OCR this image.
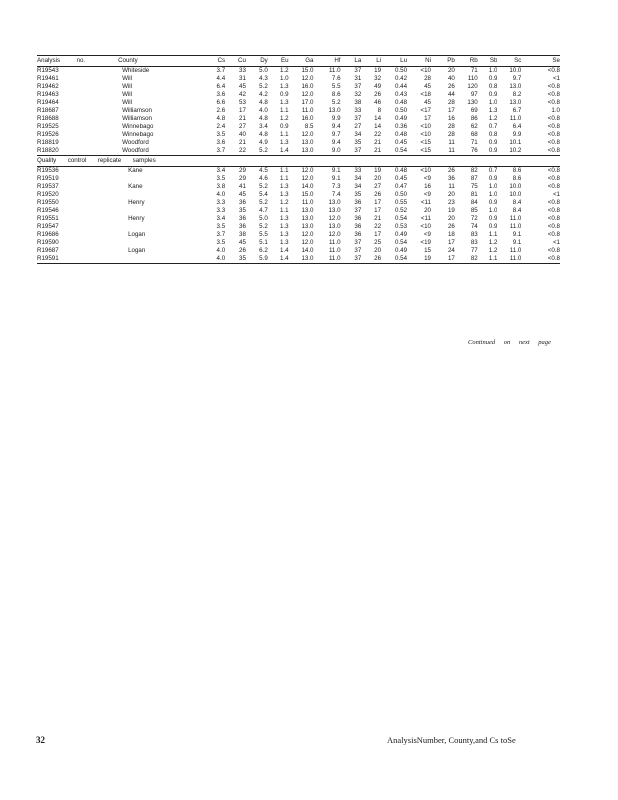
Analysis	no.	County	Cs	Cu	Dy	Eu	Ga	Hf	La	Li	Lu	Ni	Pb	Rb	Sb	Sc	Se
R19543		Whiteside	3.7	33	5.0	1.2	15.0	11.0	37	19	0.50	<10	20	71	1.0	10.0	<0.8
R19461		Will	4.4	31	4.3	1.0	12.0	7.6	31	32	0.42	28	40	110	0.9	9.7	<1
R19462		Will	6.4	45	5.2	1.3	16.0	5.5	37	49	0.44	45	26	120	0.8	13.0	<0.8
R19463		Will	3.6	42	4.2	0.9	12.0	8.6	32	26	0.43	<18	44	97	0.9	8.2	<0.8
R19464		Will	6.6	53	4.8	1.3	17.0	5.2	38	46	0.48	45	28	130	1.0	13.0	<0.8
R18687		Williamson	2.6	17	4.0	1.1	11.0	13.0	33	8	0.50	<17	17	69	1.3	6.7	1.0
R18688		Williamson	4.8	21	4.8	1.2	16.0	9.9	37	14	0.49	17	16	86	1.2	11.0	<0.8
R19525		Winnebago	2.4	27	3.4	0.9	8.5	9.4	27	14	0.36	<10	28	62	0.7	6.4	<0.8
R19526		Winnebago	3.5	40	4.8	1.1	12.0	9.7	34	22	0.48	<10	28	68	0.8	9.9	<0.8
R18819		Woodford	3.6	21	4.9	1.3	13.0	9.4	35	21	0.45	<15	11	71	0.9	10.1	<0.8
R18820		Woodford	3.7	22	5.2	1.4	13.0	9.0	37	21	0.54	<15	11	76	0.9	10.2	<0.8
Quality control replicate samples																	
R19536		Kane	3.4	29	4.5	1.1	12.0	9.1	33	19	0.48	<10	26	82	0.7	8.6	<0.8
R19519			3.5	29	4.6	1.1	12.0	9.1	34	20	0.45	<9	36	87	0.9	8.6	<0.8
R19537		Kane	3.8	41	5.2	1.3	14.0	7.3	34	27	0.47	16	11	75	1.0	10.0	<0.8
R19520			4.0	45	5.4	1.3	15.0	7.4	35	26	0.50	<9	20	81	1.0	10.0	<1
R19550		Henry	3.3	36	5.2	1.2	11.0	13.0	36	17	0.55	<11	23	84	0.9	8.4	<0.8
R19546			3.3	35	4.7	1.1	13.0	13.0	37	17	0.52	20	19	85	1.0	8.4	<0.8
R19551		Henry	3.4	36	5.0	1.3	13.0	12.0	36	21	0.54	<11	20	72	0.9	11.0	<0.8
R19547			3.5	36	5.2	1.3	13.0	13.0	36	22	0.53	<10	26	74	0.9	11.0	<0.8
R19686		Logan	3.7	38	5.5	1.3	12.0	12.0	36	17	0.49	<9	18	83	1.1	9.1	<0.8
R19590			3.5	45	5.1	1.3	12.0	11.0	37	25	0.54	<19	17	83	1.2	9.1	<1
R19687		Logan	4.0	26	6.2	1.4	14.0	11.0	37	20	0.49	15	24	77	1.2	11.0	<0.8
R19591			4.0	35	5.9	1.4	13.0	11.0	37	26	0.54	19	17	82	1.1	11.0	<0.8
Continued on next page
32	AnalysisNumber, County,and Cs toSe
